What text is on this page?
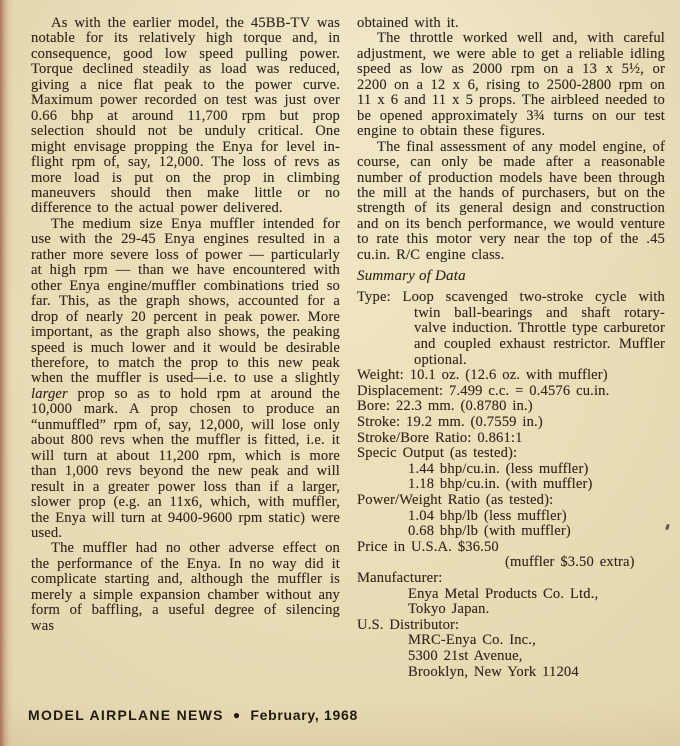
As with the earlier model, the 45BB-TV was notable for its relatively high torque and, in consequence, good low speed pulling power. Torque declined steadily as load was reduced, giving a nice flat peak to the power curve. Maximum power recorded on test was just over 0.66 bhp at around 11,700 rpm but prop selection should not be unduly critical. One might envisage propping the Enya for level in-flight rpm of, say, 12,000. The loss of revs as more load is put on the prop in climbing maneuvers should then make little or no difference to the actual power delivered.

The medium size Enya muffler intended for use with the 29-45 Enya engines resulted in a rather more severe loss of power — particularly at high rpm — than we have encountered with other Enya engine/muffler combinations tried so far. This, as the graph shows, accounted for a drop of nearly 20 percent in peak power. More important, as the graph also shows, the peaking speed is much lower and it would be desirable therefore, to match the prop to this new peak when the muffler is used—i.e. to use a slightly larger prop so as to hold rpm at around the 10,000 mark. A prop chosen to produce an “unmuffled” rpm of, say, 12,000, will lose only about 800 revs when the muffler is fitted, i.e. it will turn at about 11,200 rpm, which is more than 1,000 revs beyond the new peak and will result in a greater power loss than if a larger, slower prop (e.g. an 11x6, which, with muffler, the Enya will turn at 9400-9600 rpm static) were used.

The muffler had no other adverse effect on the performance of the Enya. In no way did it complicate starting and, although the muffler is merely a simple expansion chamber without any form of baffling, a useful degree of silencing was

obtained with it.

The throttle worked well and, with careful adjustment, we were able to get a reliable idling speed as low as 2000 rpm on a 13 x 5½, or 2200 on a 12 x 6, rising to 2500-2800 rpm on 11 x 6 and 11 x 5 props. The airbleed needed to be opened approximately 3¾ turns on our test engine to obtain these figures.

The final assessment of any model engine, of course, can only be made after a reasonable number of production models have been through the mill at the hands of purchasers, but on the strength of its general design and construction and on its bench performance, we would venture to rate this motor very near the top of the .45 cu.in. R/C engine class.

Summary of Data
Type: Loop scavenged two-stroke cycle with twin ball-bearings and shaft rotary-valve induction. Throttle type carburetor and coupled exhaust restrictor. Muffler optional.
Weight: 10.1 oz. (12.6 oz. with muffler)
Displacement: 7.499 c.c. = 0.4576 cu.in.
Bore: 22.3 mm. (0.8780 in.)
Stroke: 19.2 mm. (0.7559 in.)
Stroke/Bore Ratio: 0.861:1
Specic Output (as tested):
1.44 bhp/cu.in. (less muffler)
1.18 bhp/cu.in. (with muffler)
Power/Weight Ratio (as tested):
1.04 bhp/lb (less muffler)
0.68 bhp/lb (with muffler)
Price in U.S.A. $36.50
(muffler $3.50 extra)
Manufacturer:
Enya Metal Products Co. Ltd.,
Tokyo Japan.
U.S. Distributor:
MRC-Enya Co. Inc.,
5300 21st Avenue,
Brooklyn, New York 11204
MODEL AIRPLANE NEWS ● February, 1968
